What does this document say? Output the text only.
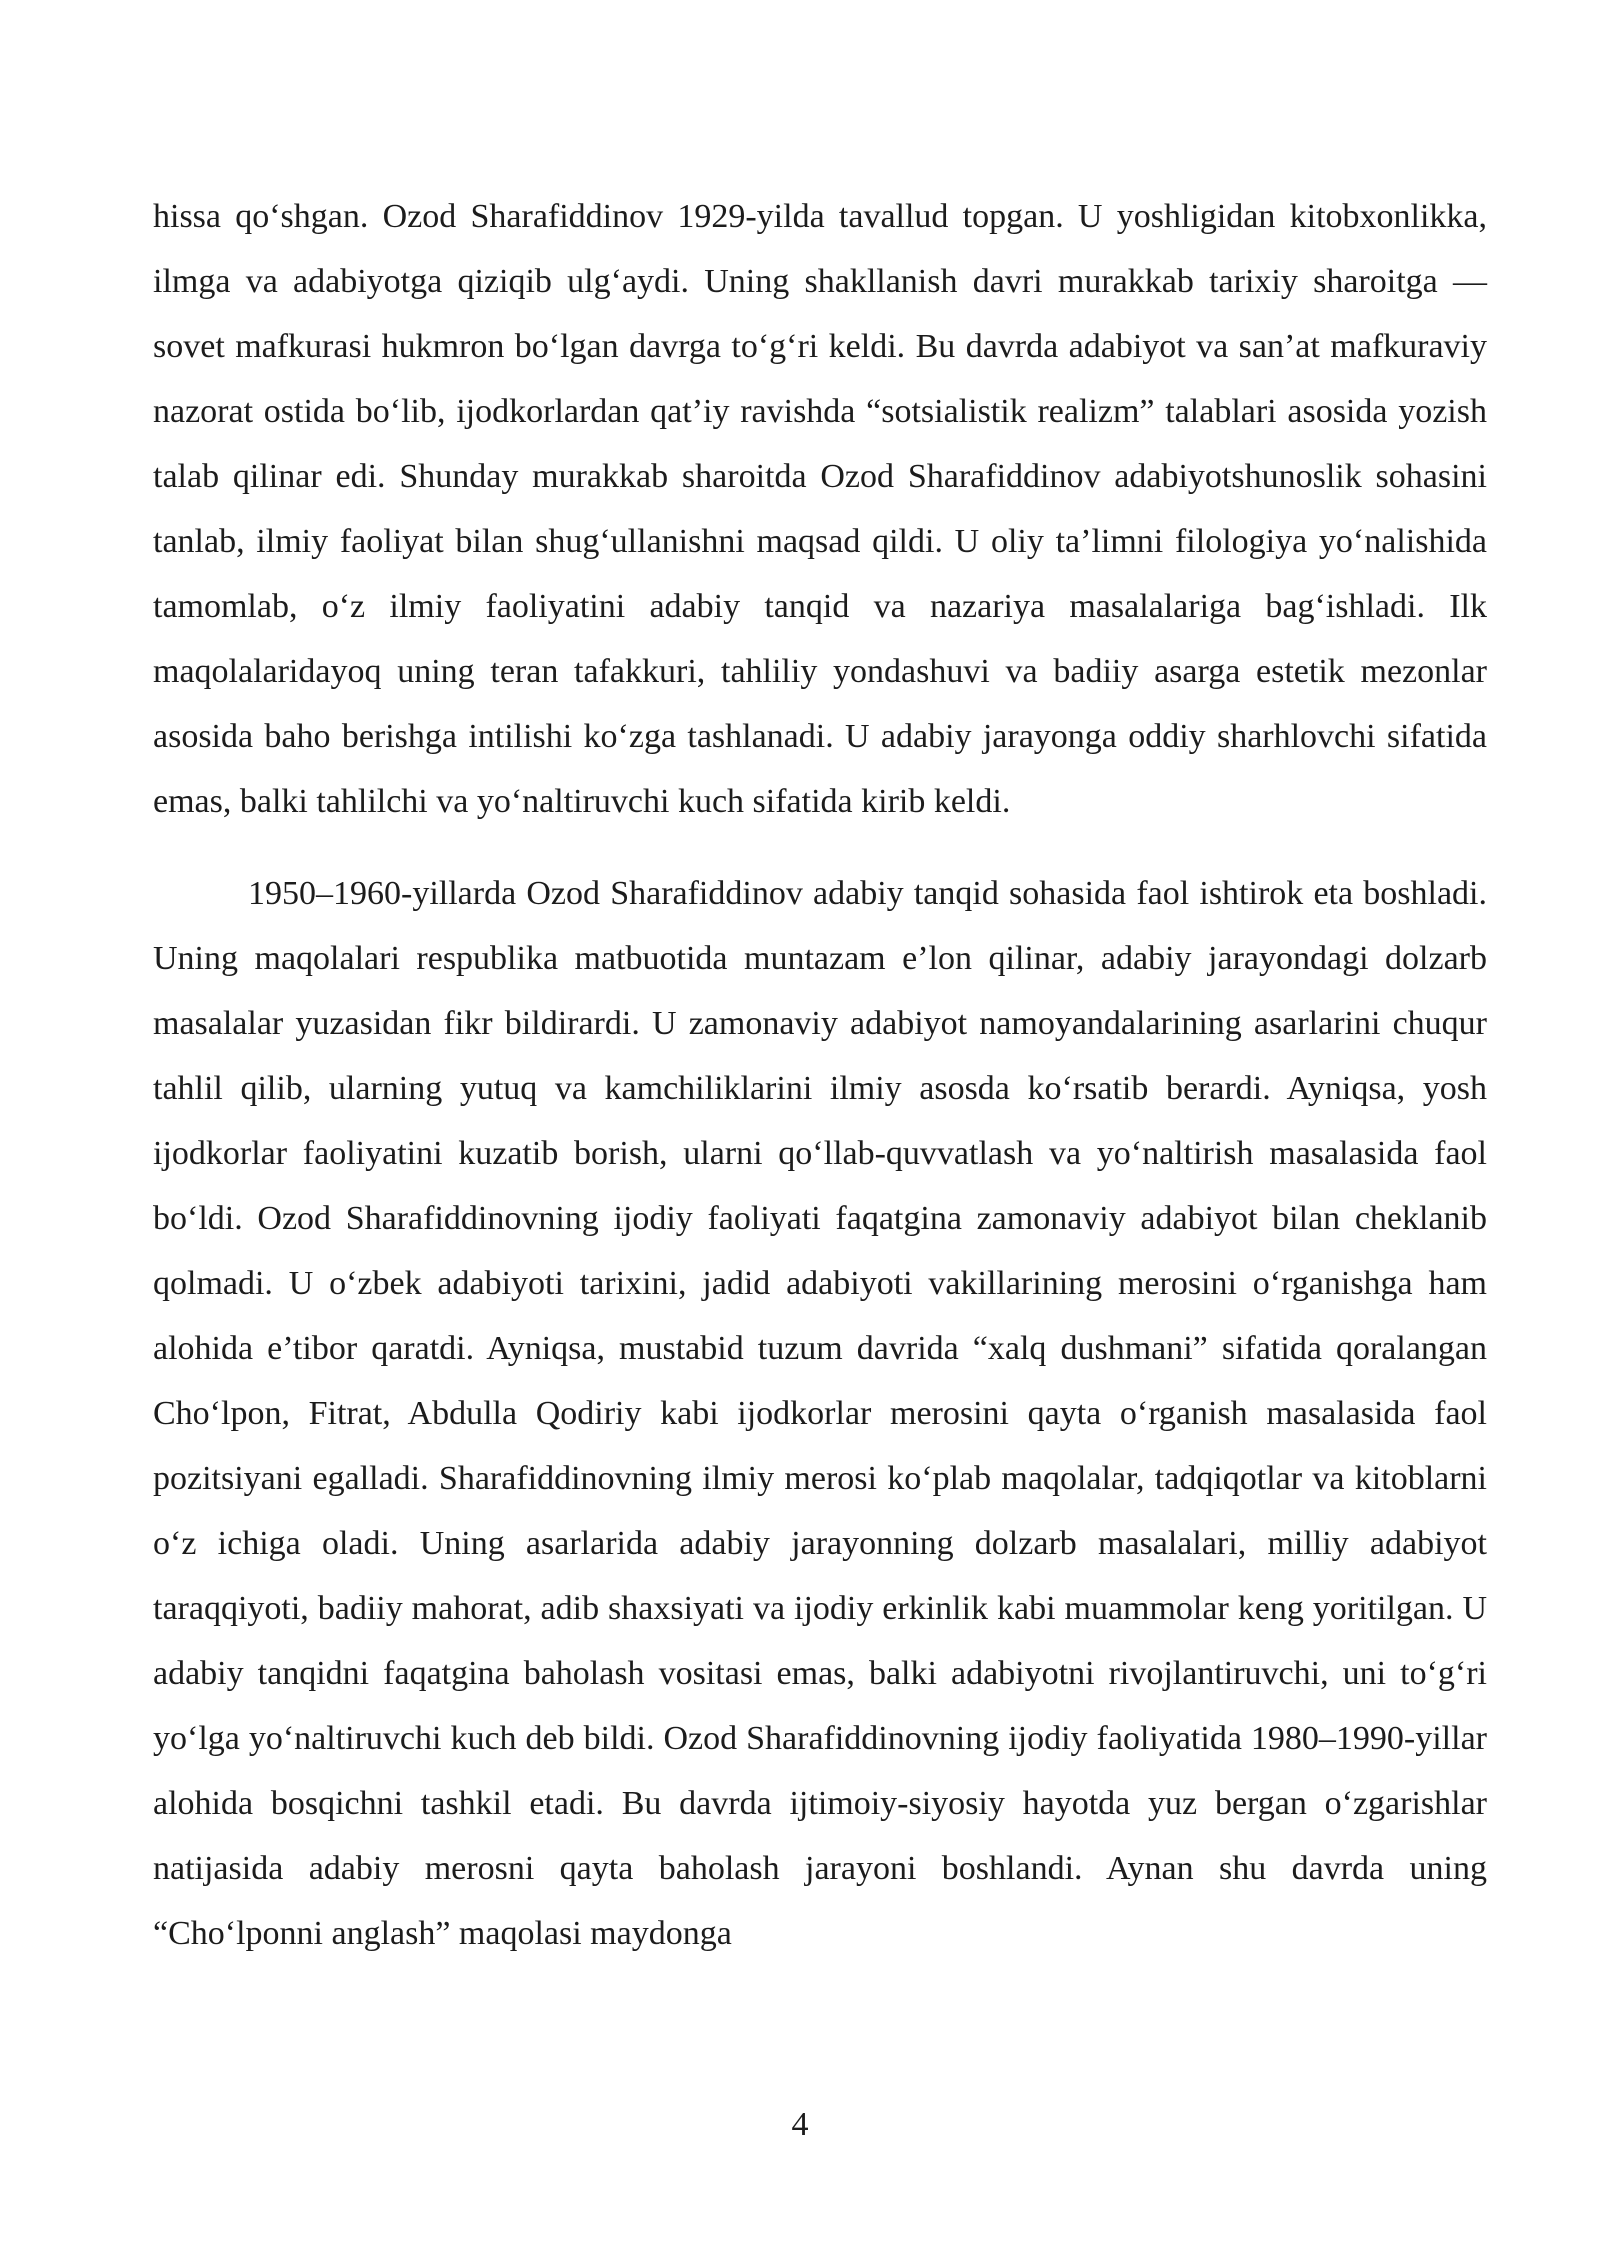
hissa qo‘shgan. Ozod Sharafiddinov 1929-yilda tavallud topgan. U yoshligidan kitobxonlikka, ilmga va adabiyotga qiziqib ulg‘aydi. Uning shakllanish davri murakkab tarixiy sharoitga — sovet mafkurasi hukmron bo‘lgan davrga to‘g‘ri keldi. Bu davrda adabiyot va san’at mafkuraviy nazorat ostida bo‘lib, ijodkorlardan qat’iy ravishda “sotsialistik realizm” talablari asosida yozish talab qilinar edi. Shunday murakkab sharoitda Ozod Sharafiddinov adabiyotshunoslik sohasini tanlab, ilmiy faoliyat bilan shug‘ullanishni maqsad qildi. U oliy ta’limni filologiya yo‘nalishida tamomlab, o‘z ilmiy faoliyatini adabiy tanqid va nazariya masalalariga bag‘ishladi. Ilk maqolalaridayoq uning teran tafakkuri, tahliliy yondashuvi va badiiy asarga estetik mezonlar asosida baho berishga intilishi ko‘zga tashlanadi. U adabiy jarayonga oddiy sharhlovchi sifatida emas, balki tahlilchi va yo‘naltiruvchi kuch sifatida kirib keldi.

1950–1960-yillarda Ozod Sharafiddinov adabiy tanqid sohasida faol ishtirok eta boshladi. Uning maqolalari respublika matbuotida muntazam e’lon qilinar, adabiy jarayondagi dolzarb masalalar yuzasidan fikr bildirardi. U zamonaviy adabiyot namoyandalarining asarlarini chuqur tahlil qilib, ularning yutuq va kamchiliklarini ilmiy asosda ko‘rsatib berardi. Ayniqsa, yosh ijodkorlar faoliyatini kuzatib borish, ularni qo‘llab-quvvatlash va yo‘naltirish masalasida faol bo‘ldi. Ozod Sharafiddinovning ijodiy faoliyati faqatgina zamonaviy adabiyot bilan cheklanib qolmadi. U o‘zbek adabiyoti tarixini, jadid adabiyoti vakillarining merosini o‘rganishga ham alohida e’tibor qaratdi. Ayniqsa, mustabid tuzum davrida “xalq dushmani” sifatida qoralangan Cho‘lpon, Fitrat, Abdulla Qodiriy kabi ijodkorlar merosini qayta o‘rganish masalasida faol pozitsiyani egalladi. Sharafiddinovning ilmiy merosi ko‘plab maqolalar, tadqiqotlar va kitoblarni o‘z ichiga oladi. Uning asarlarida adabiy jarayonning dolzarb masalalari, milliy adabiyot taraqqiyoti, badiiy mahorat, adib shaxsiyati va ijodiy erkinlik kabi muammolar keng yoritilgan. U adabiy tanqidni faqatgina baholash vositasi emas, balki adabiyotni rivojlantiruvchi, uni to‘g‘ri yo‘lga yo‘naltiruvchi kuch deb bildi. Ozod Sharafiddinovning ijodiy faoliyatida 1980–1990-yillar alohida bosqichni tashkil etadi. Bu davrda ijtimoiy-siyosiy hayotda yuz bergan o‘zgarishlar natijasida adabiy merosni qayta baholash jarayoni boshlandi. Aynan shu davrda uning “Cho‘lponni anglash” maqolasi maydonga

4
